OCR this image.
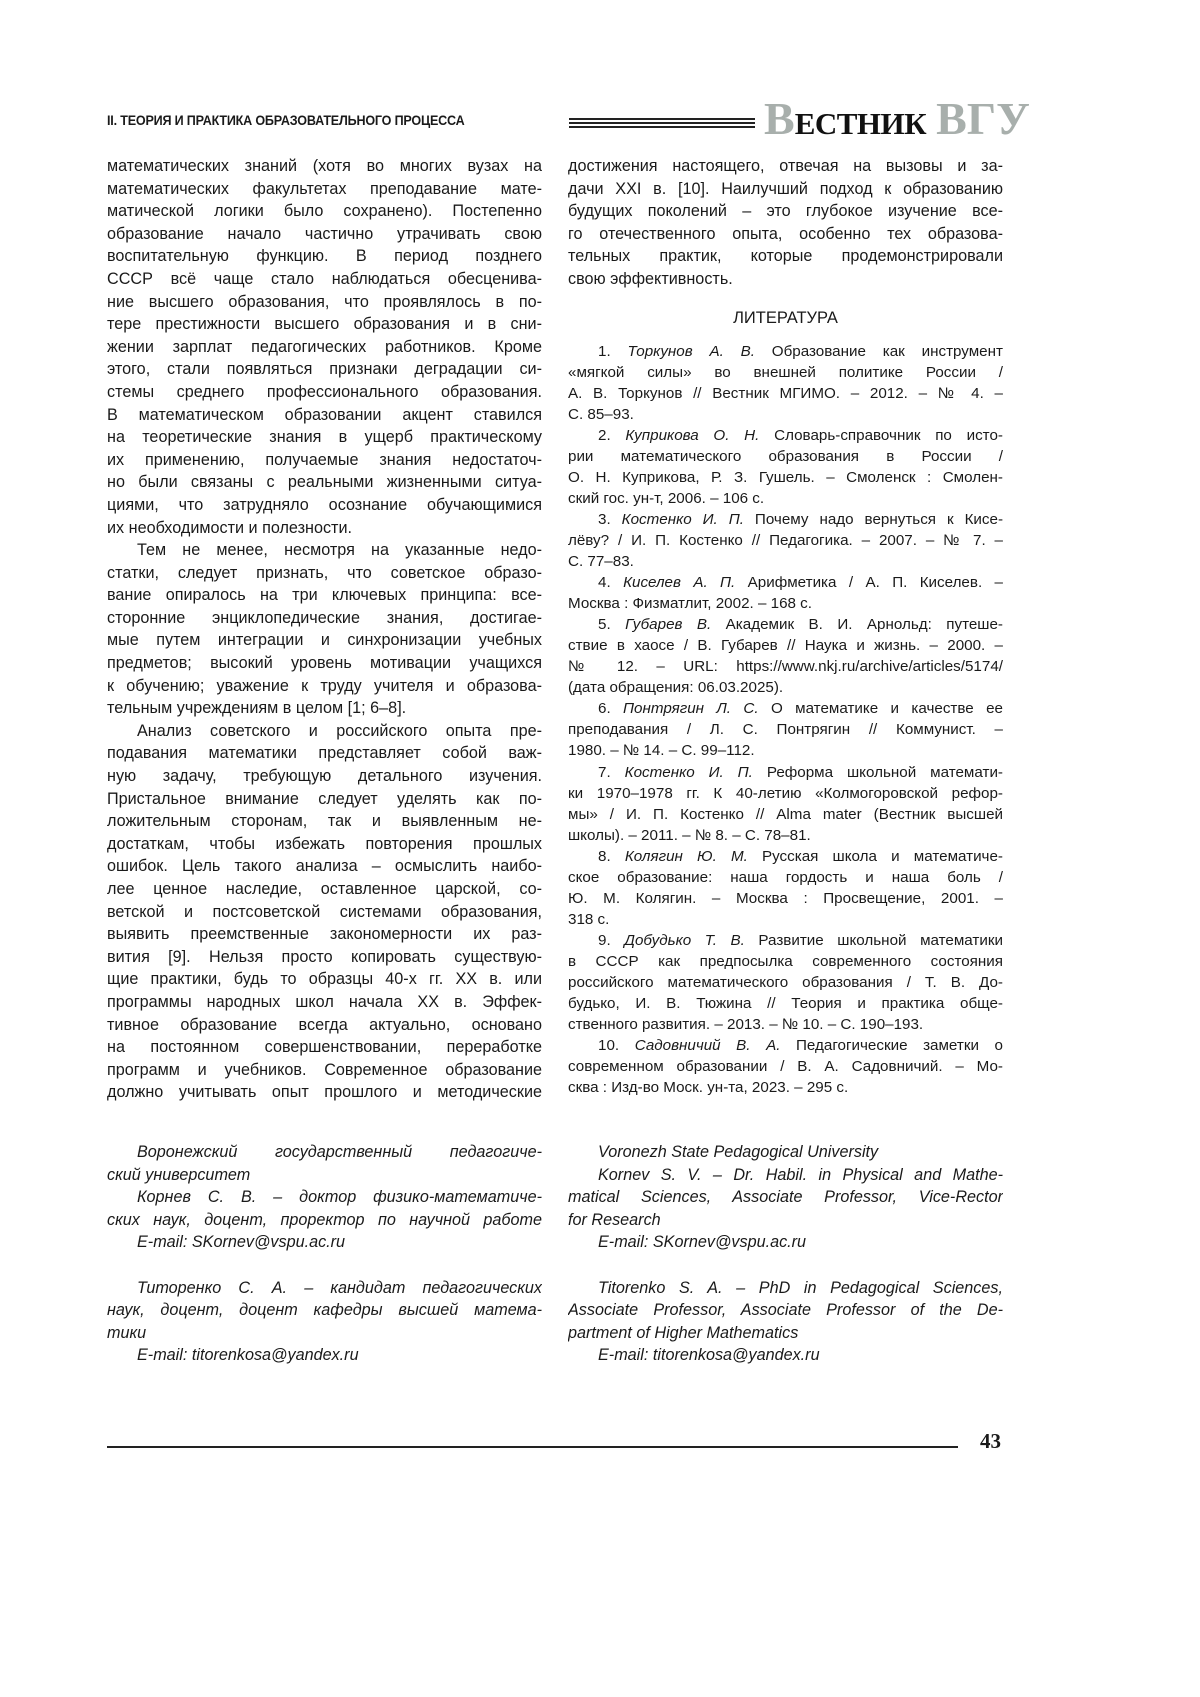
II. ТЕОРИЯ И ПРАКТИКА ОБРАЗОВАТЕЛЬНОГО ПРОЦЕССА	ВЕСТНИК ВГУ
математических знаний (хотя во многих вузах на
математических факультетах преподавание мате-
матической логики было сохранено). Постепенно
образование начало частично утрачивать свою
воспитательную функцию. В период позднего
СССР всё чаще стало наблюдаться обесценива-
ние высшего образования, что проявлялось в по-
тере престижности высшего образования и в сни-
жении зарплат педагогических работников. Кроме
этого, стали появляться признаки деградации си-
стемы среднего профессионального образования.
В математическом образовании акцент ставился
на теоретические знания в ущерб практическому
их применению, получаемые знания недостаточ-
но были связаны с реальными жизненными ситуа-
циями, что затрудняло осознание обучающимися
их необходимости и полезности.
Тем не менее, несмотря на указанные недо-
статки, следует признать, что советское образо-
вание опиралось на три ключевых принципа: все-
сторонние энциклопедические знания, достигае-
мые путем интеграции и синхронизации учебных
предметов; высокий уровень мотивации учащихся
к обучению; уважение к труду учителя и образова-
тельным учреждениям в целом [1; 6–8].
Анализ советского и российского опыта пре-
подавания математики представляет собой важ-
ную задачу, требующую детального изучения.
Пристальное внимание следует уделять как по-
ложительным сторонам, так и выявленным не-
достаткам, чтобы избежать повторения прошлых
ошибок. Цель такого анализа – осмыслить наибо-
лее ценное наследие, оставленное царской, со-
ветской и постсоветской системами образования,
выявить преемственные закономерности их раз-
вития [9]. Нельзя просто копировать существую-
щие практики, будь то образцы 40-х гг. XX в. или
программы народных школ начала XX в. Эффек-
тивное образование всегда актуально, основано
на постоянном совершенствовании, переработке
программ и учебников. Современное образование
должно учитывать опыт прошлого и методические
достижения настоящего, отвечая на вызовы и за-
дачи XXI в. [10]. Наилучший подход к образованию
будущих поколений – это глубокое изучение все-
го отечественного опыта, особенно тех образова-
тельных практик, которые продемонстрировали
свою эффективность.
ЛИТЕРАТУРА
1. Торкунов А. В. Образование как инструмент
«мягкой силы» во внешней политике России /
А. В. Торкунов // Вестник МГИМО. – 2012. – № 4. –
С. 85–93.
2. Куприкова О. Н. Словарь-справочник по исто-
рии математического образования в России /
О. Н. Куприкова, Р. З. Гушель. – Смоленск : Смолен-
ский гос. ун-т, 2006. – 106 с.
3. Костенко И. П. Почему надо вернуться к Кисе-
лёву? / И. П. Костенко // Педагогика. – 2007. – № 7. –
С. 77–83.
4. Киселев А. П. Арифметика / А. П. Киселев. –
Москва : Физматлит, 2002. – 168 с.
5. Губарев В. Академик В. И. Арнольд: путеше-
ствие в хаосе / В. Губарев // Наука и жизнь. – 2000. –
№ 12. – URL: https://www.nkj.ru/archive/articles/5174/
(дата обращения: 06.03.2025).
6. Понтрягин Л. С. О математике и качестве ее
преподавания / Л. С. Понтрягин // Коммунист. –
1980. – № 14. – С. 99–112.
7. Костенко И. П. Реформа школьной математи-
ки 1970–1978 гг. К 40-летию «Колмогоровской рефор-
мы» / И. П. Костенко // Alma mater (Вестник высшей
школы). – 2011. – № 8. – С. 78–81.
8. Колягин Ю. М. Русская школа и математиче-
ское образование: наша гордость и наша боль /
Ю. М. Колягин. – Москва : Просвещение, 2001. –
318 с.
9. Добудько Т. В. Развитие школьной математики
в СССР как предпосылка современного состояния
российского математического образования / Т. В. До-
будько, И. В. Тюжина // Теория и практика обще-
ственного развития. – 2013. – № 10. – С. 190–193.
10. Садовничий В. А. Педагогические заметки о
современном образовании / В. А. Садовничий. – Мо-
сква : Изд-во Моск. ун-та, 2023. – 295 с.
Воронежский государственный педагогиче-
ский университет
Корнев С. В. – доктор физико-математиче-
ских наук, доцент, проректор по научной работе
E-mail: SKornev@vspu.ac.ru
Титоренко С. А. – кандидат педагогических
наук, доцент, доцент кафедры высшей матема-
тики
E-mail: titorenkosa@yandex.ru
Voronezh State Pedagogical University
Kornev S. V. – Dr. Habil. in Physical and Mathe-
matical Sciences, Associate Professor, Vice-Rector
for Research
E-mail: SKornev@vspu.ac.ru
Titorenko S. A. – PhD in Pedagogical Sciences,
Associate Professor, Associate Professor of the De-
partment of Higher Mathematics
E-mail: titorenkosa@yandex.ru
43
